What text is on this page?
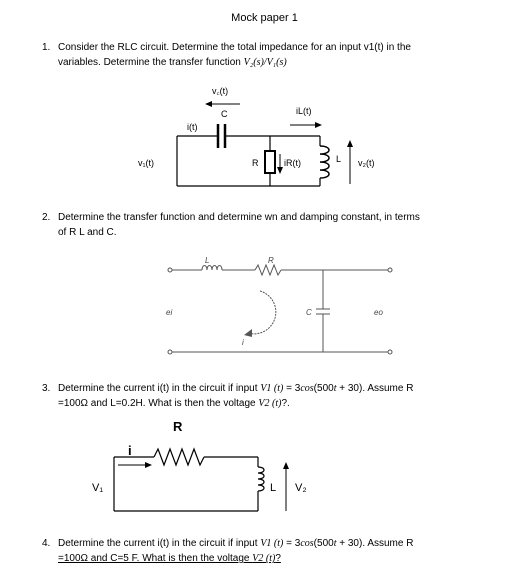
Mock paper 1
1. Consider the RLC circuit. Determine the total impedance for an input v1(t) in the

variables. Determine the transfer function V₂(s)/V₁(s)

v꜀(t)
C
i(t)
iL(t)
v₁(t)	R	iR(t)	L v₂(t)
2. Determine the transfer function and determine wn and damping constant, in terms

of R L and C.

L	R
C
ei	eo
i
3. Determine the current i(t) in the circuit if input V1 (t) = 3cos(500t + 30). Assume R

=100Ω and L=0.2H. What is then the voltage V2 (t)?.

R
i
V₁	L V₂
4. Determine the current i(t) in the circuit if input V1 (t) = 3cos(500t + 30). Assume R

=100Ω and C=5 F. What is then the voltage V2 (t)?
